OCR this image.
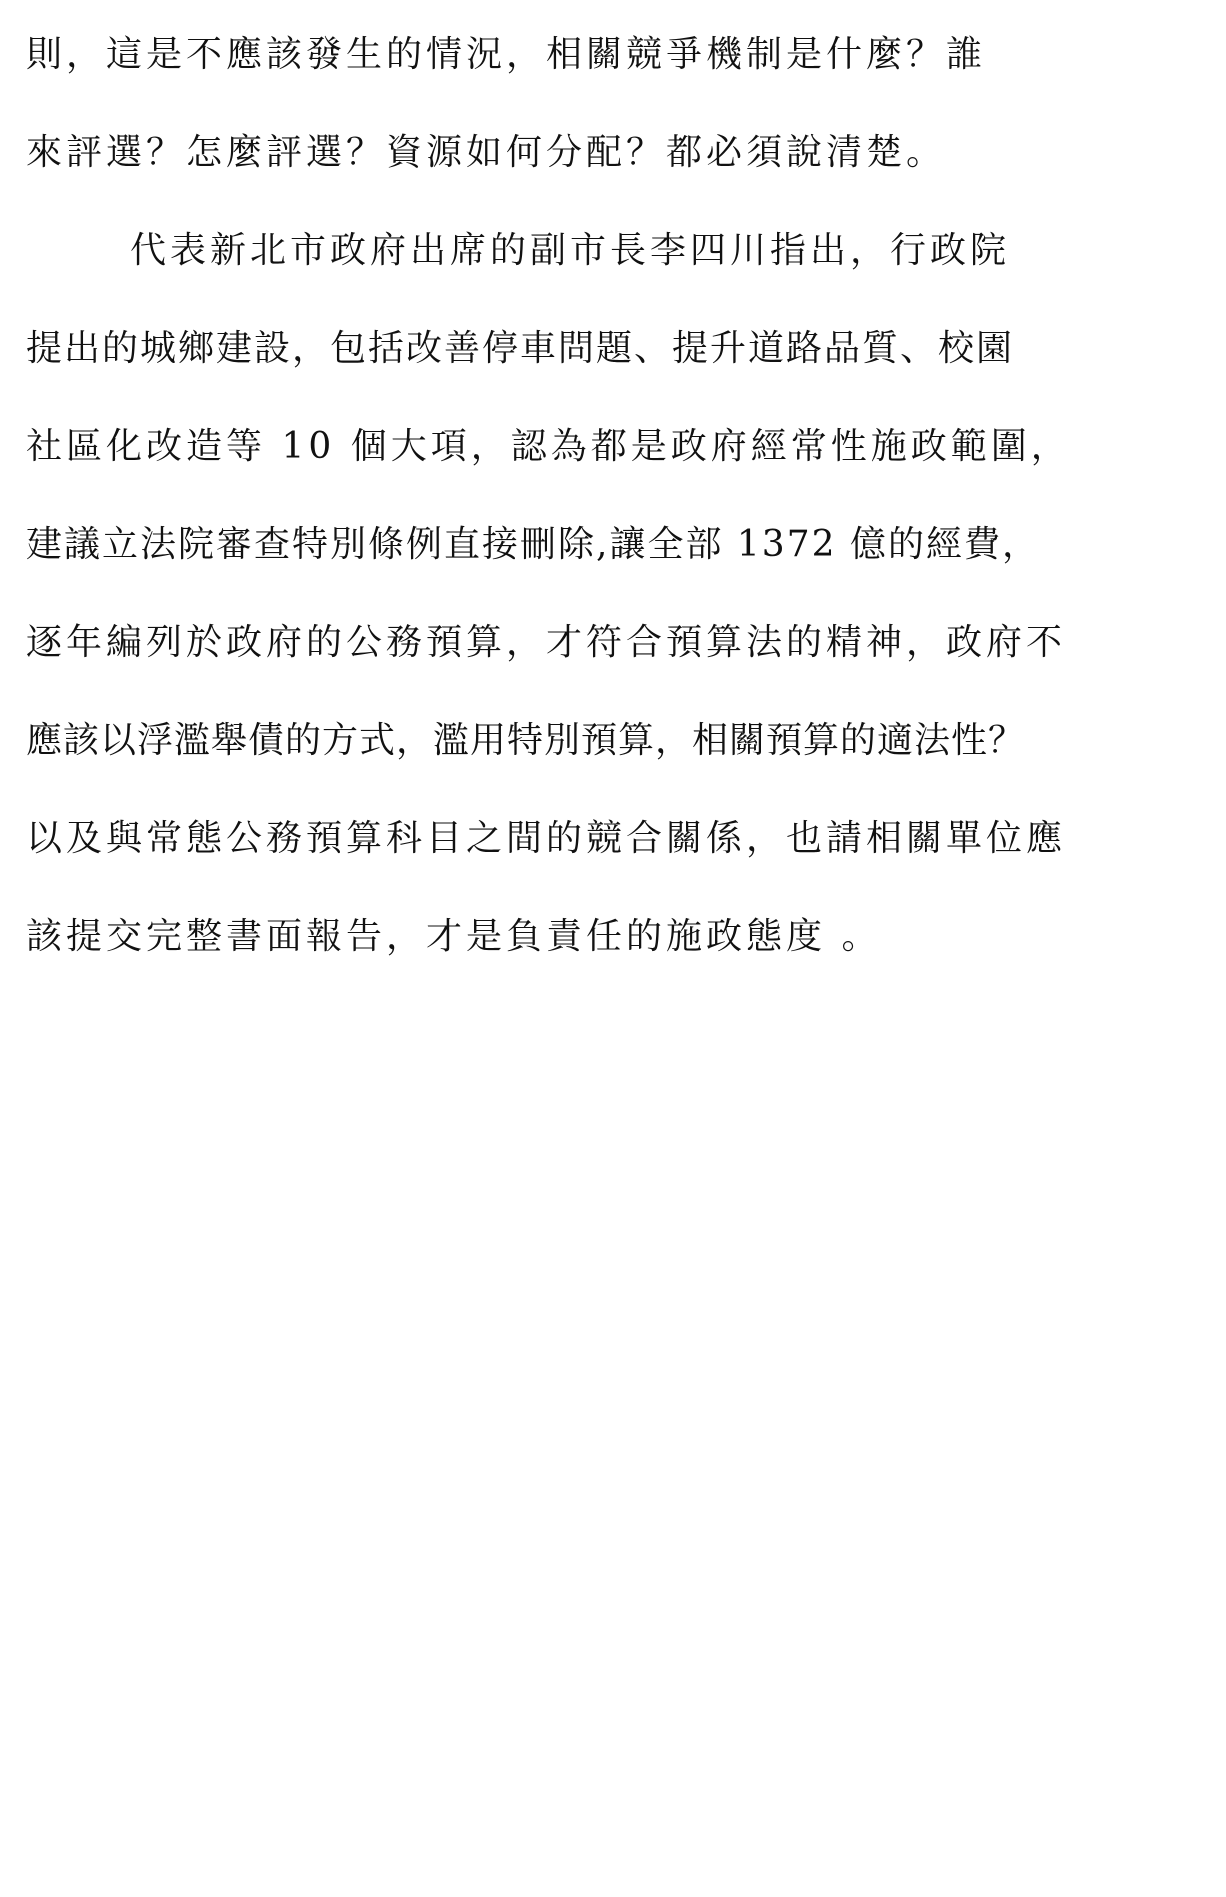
則，這是不應該發生的情況，相關競爭機制是什麼？誰
來評選？怎麼評選？資源如何分配？都必須說清楚。
代表新北市政府出席的副市長李四川指出，行政院
提出的城鄉建設，包括改善停車問題、提升道路品質、校園
社區化改造等 10 個大項，認為都是政府經常性施政範圍，
建議立法院審查特別條例直接刪除,讓全部 1372 億的經費，
逐年編列於政府的公務預算，才符合預算法的精神，政府不
應該以浮濫舉債的方式，濫用特別預算，相關預算的適法性？
以及與常態公務預算科目之間的競合關係，也請相關單位應
該提交完整書面報告，才是負責任的施政態度 。
